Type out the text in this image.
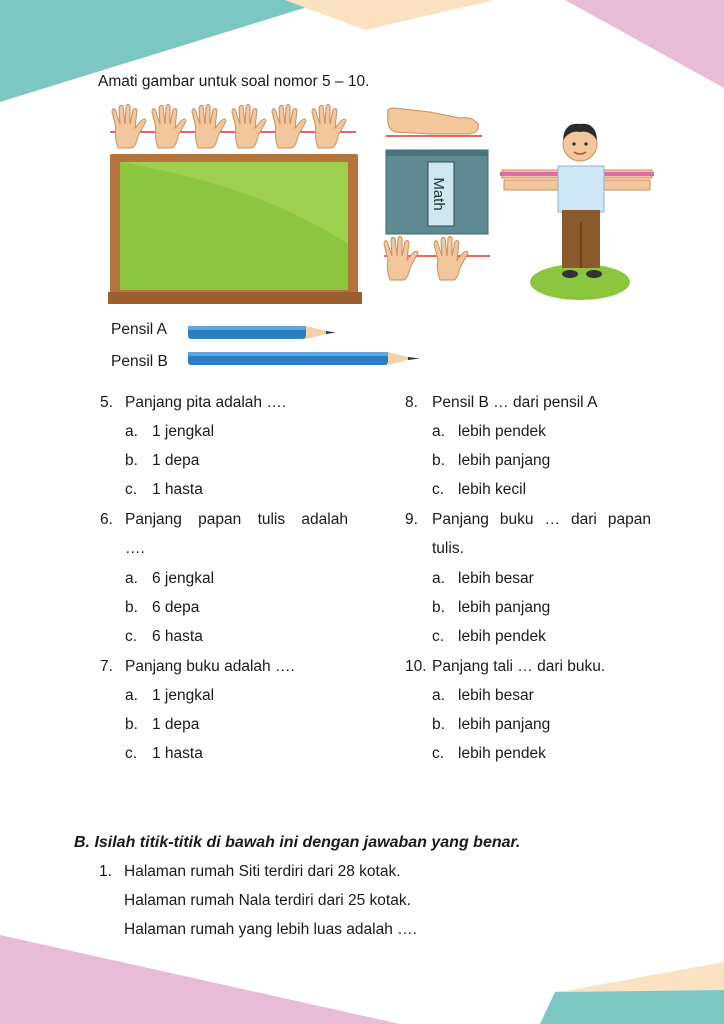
Amati gambar untuk soal nomor 5 – 10.
Math
Pensil A
Pensil B
5. Panjang pita adalah ….
a. 1 jengkal
b. 1 depa
c. 1 hasta
6. Panjang papan tulis adalah
….
a. 6 jengkal
b. 6 depa
c. 6 hasta
7. Panjang buku adalah ….
a. 1 jengkal
b. 1 depa
c. 1 hasta
8. Pensil B … dari pensil A
a. lebih pendek
b. lebih panjang
c. lebih kecil
9. Panjang buku … dari papan
tulis.
a. lebih besar
b. lebih panjang
c. lebih pendek
10. Panjang tali … dari buku.
a. lebih besar
b. lebih panjang
c. lebih pendek
B. Isilah titik-titik di bawah ini dengan jawaban yang benar.
1. Halaman rumah Siti terdiri dari 28 kotak.
Halaman rumah Nala terdiri dari 25 kotak.
Halaman rumah yang lebih luas adalah ….
